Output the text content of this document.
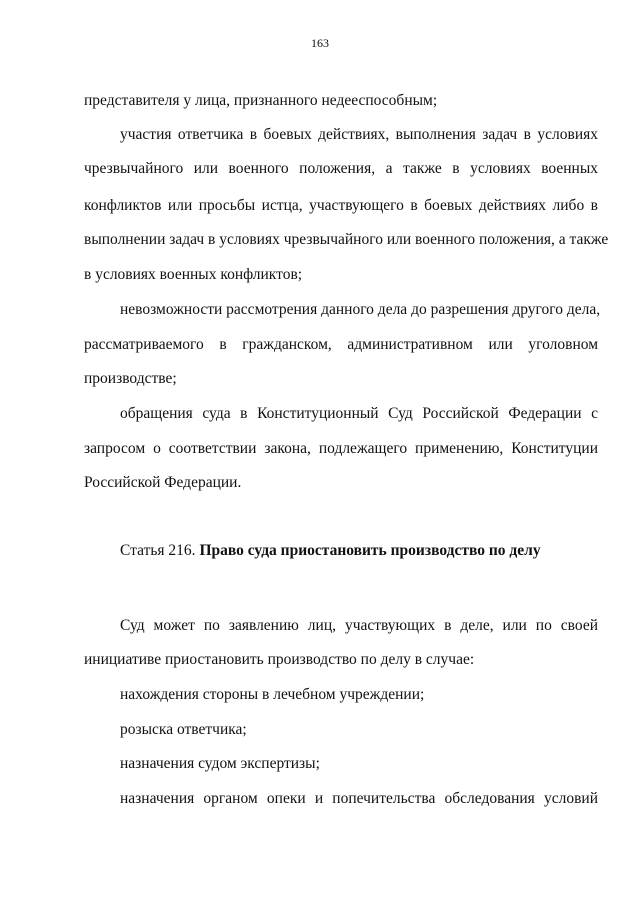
163
представителя у лица, признанного недееспособным;
участия ответчика в боевых действиях, выполнения задач в условиях
чрезвычайного или военного положения, а также в условиях военных
конфликтов или просьбы истца, участвующего в боевых действиях либо в
выполнении задач в условиях чрезвычайного или военного положения, а также
в условиях военных конфликтов;
невозможности рассмотрения данного дела до разрешения другого дела,
рассматриваемого в гражданском, административном или уголовном
производстве;
обращения суда в Конституционный Суд Российской Федерации с
запросом о соответствии закона, подлежащего применению, Конституции
Российской Федерации.
Статья 216. Право суда приостановить производство по делу
Суд может по заявлению лиц, участвующих в деле, или по своей
инициативе приостановить производство по делу в случае:
нахождения стороны в лечебном учреждении;
розыска ответчика;
назначения судом экспертизы;
назначения органом опеки и попечительства обследования условий
